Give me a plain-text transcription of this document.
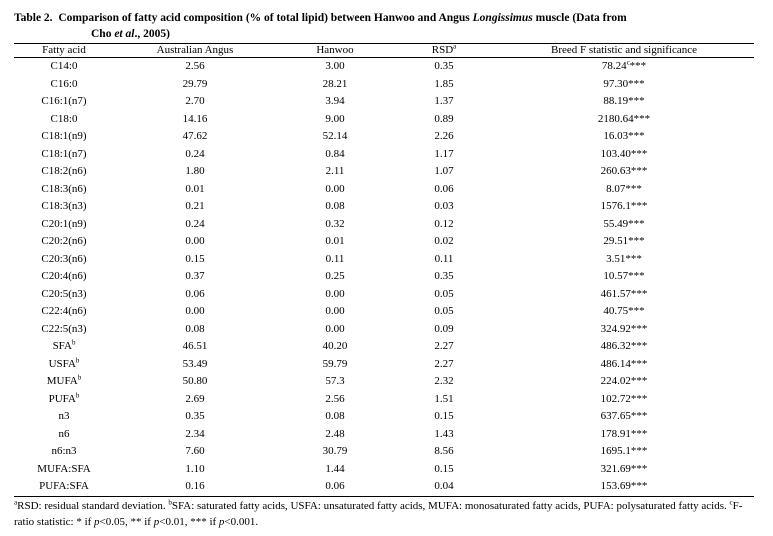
Table 2. Comparison of fatty acid composition (% of total lipid) between Hanwoo and Angus Longissimus muscle (Data from
Cho et al., 2005)
Fatty acid	Australian Angus	Hanwoo	RSD$^a$	Breed F statistic and significance
C14:0	2.56	3.00	0.35	78.24$^c$***
C16:0	29.79	28.21	1.85	97.30***
C16:1(n7)	2.70	3.94	1.37	88.19***
C18:0	14.16	9.00	0.89	2180.64***
C18:1(n9)	47.62	52.14	2.26	16.03***
C18:1(n7)	0.24	0.84	1.17	103.40***
C18:2(n6)	1.80	2.11	1.07	260.63***
C18:3(n6)	0.01	0.00	0.06	8.07***
C18:3(n3)	0.21	0.08	0.03	1576.1***
C20:1(n9)	0.24	0.32	0.12	55.49***
C20:2(n6)	0.00	0.01	0.02	29.51***
C20:3(n6)	0.15	0.11	0.11	3.51***
C20:4(n6)	0.37	0.25	0.35	10.57***
C20:5(n3)	0.06	0.00	0.05	461.57***
C22:4(n6)	0.00	0.00	0.05	40.75***
C22:5(n3)	0.08	0.00	0.09	324.92***
SFA$^b$	46.51	40.20	2.27	486.32***
USFA$^b$	53.49	59.79	2.27	486.14***
MUFA$^b$	50.80	57.3	2.32	224.02***
PUFA$^b$	2.69	2.56	1.51	102.72***
n3	0.35	0.08	0.15	637.65***
n6	2.34	2.48	1.43	178.91***
n6:n3	7.60	30.79	8.56	1695.1***
MUFA:SFA	1.10	1.44	0.15	321.69***
PUFA:SFA	0.16	0.06	0.04	153.69***
$^a$RSD: residual standard deviation. $^b$SFA: saturated fatty acids, USFA: unsaturated fatty acids, MUFA: monosaturated fatty acids, PUFA: polysaturated fatty acids. $^c$F-ratio statistic: * if p<0.05, ** if p<0.01, *** if p<0.001.
